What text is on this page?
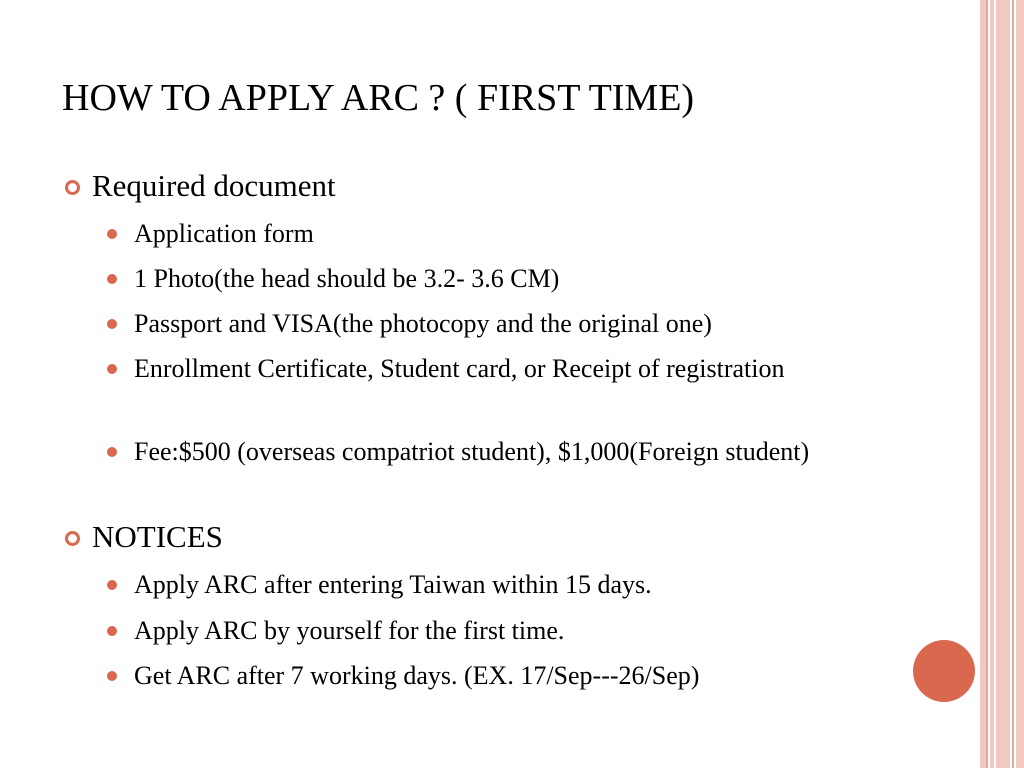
HOW TO APPLY ARC ? ( FIRST TIME)
Required document
Application form
1 Photo(the head should be 3.2- 3.6 CM)
Passport and VISA(the photocopy and the original one)
Enrollment Certificate, Student card, or Receipt of registration
Fee:$500 (overseas compatriot student), $1,000(Foreign student)
NOTICES
Apply ARC after entering Taiwan within 15 days.
Apply ARC by yourself for the first time.
Get ARC after 7 working days. (EX. 17/Sep---26/Sep)
